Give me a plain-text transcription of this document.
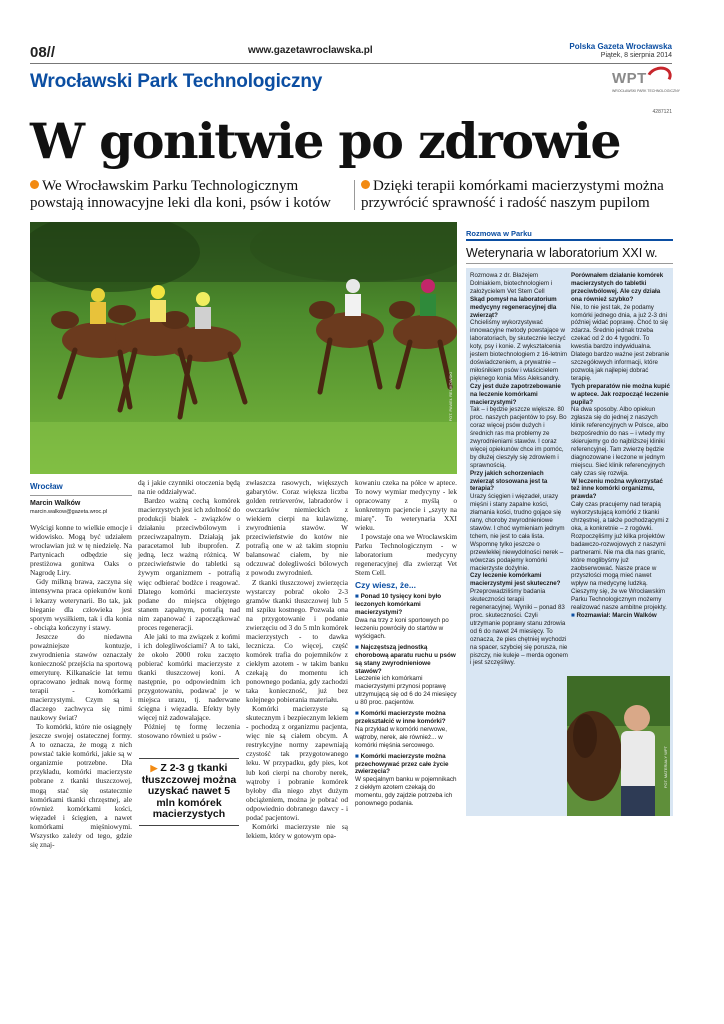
08//	www.gazetawroclawska.pl	Polska Gazeta Wrocławska
Piątek, 8 sierpnia 2014
Wrocławski Park Technologiczny	WPT
WROCŁAWSKI PARK TECHNOLOGICZNY
4287121
W gonitwie po zdrowie
We Wrocławskim Parku Technologicznym powstają innowacyjne leki dla koni, psów i kotów
Dzięki terapii komórkami macierzystymi można przywrócić sprawność i radość naszym pupilom
FOT. PAWEŁ RELIKOWSKI
Wrocław
Marcin Walków
marcin.walkow@gazeta.wroc.pl

Wyścigi konne to wielkie emocje i widowisko. Mogą być udziałem wrocławian już w tę niedzielę. Na Partynicach odbędzie się prestiżowa gonitwa Oaks o Nagrodę Liry.

Gdy milkną brawa, zaczyna się intensywna praca opiekunów koni i lekarzy weterynarii. Bo tak, jak bieganie dla człowieka jest sporym wysiłkiem, tak i dla konia - obciąża kończyny i stawy.

Jeszcze do niedawna poważniejsze kontuzje, zwyrodnienia stawów oznaczały konieczność przejścia na sportową emeryturę. Kilkanaście lat temu opracowano jednak nową formę terapii - komórkami macierzystymi. Czym są i dlaczego zachwyca się nimi naukowy świat?

To komórki, które nie osiągnęły jeszcze swojej ostatecznej formy. A to oznacza, że mogą z nich powstać takie komórki, jakie są w organizmie potrzebne. Dla przykładu, komórki macierzyste pobrane z tkanki tłuszczowej, mogą stać się ostatecznie komórkami tkanki chrzęstnej, ale również komórkami kości, więzadeł i ścięgien, a nawet komórkami mięśniowymi. Wszystko zależy od tego, gdzie się znaj-

dą i jakie czynniki otoczenia będą na nie oddziaływać.

Bardzo ważną cechą komórek macierzystych jest ich zdolność do produkcji białek - związków o działaniu przeciwbólowym i przeciwzapalnym. Działają jak paracetamol lub ibuprofen. Z jedną, lecz ważną różnicą. W przeciwieństwie do tabletki są żywym organizmem - potrafią więc odbierać bodźce i reagować. Dlatego komórki macierzyste podane do miejsca objętego stanem zapalnym, potrafią nad nim zapanować i zapoczątkować proces regeneracji.

Ale jaki to ma związek z końmi i ich dolegliwościami? A to taki, że około 2000 roku zaczęto pobierać komórki macierzyste z tkanki tłuszczowej koni. A następnie, po odpowiednim ich przygotowaniu, podawać je w miejsca urazu, tj. naderwane ścięgna i więzadła. Efekty były więcej niż zadowalające.

Później tę formę leczenia stosowano również u psów -

▶ Z 2-3 g tkanki tłuszczowej można uzyskać nawet 5 mln komórek macierzystych

zwłaszcza rasowych, większych gabarytów. Coraz większa liczba golden retrieverów, labradorów i owczarków niemieckich z wiekiem cierpi na kulawiznę, zwyrodnienia stawów. W przeciwieństwie do kotów nie potrafią one w aż takim stopniu balansować ciałem, by nie odczuwać dolegliwości bólowych z powodu zwyrodnień.

Z tkanki tłuszczowej zwierzęcia wystarczy pobrać około 2-3 gramów tkanki tłuszczowej lub 5 ml szpiku kostnego. Pozwala ona na przygotowanie i podanie zwierzęciu od 3 do 5 mln komórek macierzystych - to dawka lecznicza. Co więcej, część komórek trafia do pojemników z ciekłym azotem - w takim banku czekają do momentu ich ponownego podania, gdy zachodzi taka konieczność, już bez kolejnego pobierania materiału.

Komórki macierzyste są skutecznym i bezpiecznym lekiem - pochodzą z organizmu pacjenta, więc nie są ciałem obcym. A restrykcyjne normy zapewniają czystość tak przygotowanego leku. W przypadku, gdy pies, kot lub koń cierpi na choroby nerek, wątroby i pobranie komórek byłoby dla niego zbyt dużym obciążeniem, można je pobrać od odpowiednio dobranego dawcy - i podać pacjentowi.

Komórki macierzyste nie są lekiem, który w gotowym opa-

kowaniu czeka na półce w aptece. To nowy wymiar medycyny - lek opracowany z myślą o konkretnym pacjencie i „szyty na miarę". To weterynaria XXI wieku.

I powstaje ona we Wrocławskim Parku Technologicznym - w laboratorium medycyny regeneracyjnej dla zwierząt Vet Stem Cell.

Czy wiesz, że...
■ Ponad 10 tysięcy koni było leczonych komórkami macierzystymi?
Dwa na trzy z koni sportowych po leczeniu powróciły do startów w wyścigach.
■ Najczęstszą jednostką chorobową aparatu ruchu u psów są stany zwyrodnieniowe stawów?
Leczenie ich komórkami macierzystymi przynosi poprawę utrzymującą się od 6 do 24 miesięcy u 80 proc. pacjentów.
■ Komórki macierzyste można przekształcić w inne komórki?
Na przykład w komórki nerwowe, wątroby, nerek, ale również... w komórki mięśnia sercowego.
■ Komórki macierzyste można przechowywać przez całe życie zwierzęcia?
W specjalnym banku w pojemnikach z ciekłym azotem czekają do momentu, gdy zajdzie potrzeba ich ponownego podania.
Rozmowa w Parku
Weterynaria w laboratorium XXI w.

Rozmowa z dr. Błażejem Dolniakiem, biotechnologiem i założycielem Vet Stem Cell

Skąd pomysł na laboratorium medycyny regeneracyjnej dla zwierząt?

Chcieliśmy wykorzystywać innowacyjne metody powstające w laboratoriach, by skutecznie leczyć koty, psy i konie. Z wykształcenia jestem biotechnologiem z 16-letnim doświadczeniem, a prywatnie – miłośnikiem psów i właścicielem pięknego konia Miss Aleksandry.

Czy jest duże zapotrzebowanie na leczenie komórkami macierzystymi?

Tak – i będzie jeszcze większe. 80 proc. naszych pacjentów to psy. Bo coraz więcej psów dużych i średnich ras ma problemy ze zwyrodnieniami stawów. I coraz więcej opiekunów chce im pomóc, by dłużej cieszyły się zdrowiem i sprawnością.

Przy jakich schorzeniach zwierząt stosowana jest ta terapia?

Urazy ścięgien i więzadeł, urazy mięśni i stany zapalne kości, złamania kości, trudno gojące się rany, choroby zwyrodnieniowe stawów. I choć wymieniam jednym tchem, nie jest to cała lista. Wspomnę tylko jeszcze o przewlekłej niewydolności nerek – wówczas podajemy komórki macierzyste dożylnie.

Czy leczenie komórkami macierzystymi jest skuteczne?

Przeprowadziliśmy badania skuteczności terapii regeneracyjnej. Wyniki – ponad 83 proc. skuteczności. Czyli utrzymanie poprawy stanu zdrowia od 6 do nawet 24 miesięcy. To oznacza, że pies chętniej wychodzi na spacer, szybciej się porusza, nie piszczy, nie kuleje – merda ogonem i jest szczęśliwy.

Porównałem działanie komórek macierzystych do tabletki przeciwbólowej. Ale czy działa ona również szybko?

Nie, to nie jest tak, że podamy komórki jednego dnia, a już 2-3 dni później widać poprawę. Choć to się zdarza. Średnio jednak trzeba czekać od 2 do 4 tygodni. To kwestia bardzo indywidualna. Dlatego bardzo ważne jest zebranie szczegółowych informacji, które pozwolą jak najlepiej dobrać terapię.

Tych preparatów nie można kupić w aptece. Jak rozpocząć leczenie pupila?

Na dwa sposoby. Albo opiekun zgłasza się do jednej z naszych klinik referencyjnych w Polsce, albo bezpośrednio do nas – i wtedy my skierujemy go do najbliższej kliniki referencyjnej. Tam zwierzę będzie diagnozowane i leczone w jednym miejscu. Sieć klinik referencyjnych cały czas się rozwija.

W leczeniu można wykorzystać też inne komórki organizmu, prawda?

Cały czas pracujemy nad terapią wykorzystującą komórki z tkanki chrzęstnej, a także pochodzącymi z oka, a konkretnie – z rogówki. Rozpoczęliśmy już kilka projektów badawczo-rozwojowych z naszymi partnerami. Nie ma dla nas granic, które moglibyśmy już zaobserwować. Nasze prace w przyszłości mogą mieć nawet wpływ na medycynę ludzką.

Cieszymy się, że we Wrocławskim Parku Technologicznym możemy realizować nasze ambitne projekty.

■ Rozmawiał: Marcin Walków

FOT. MATERIAŁY WPT
